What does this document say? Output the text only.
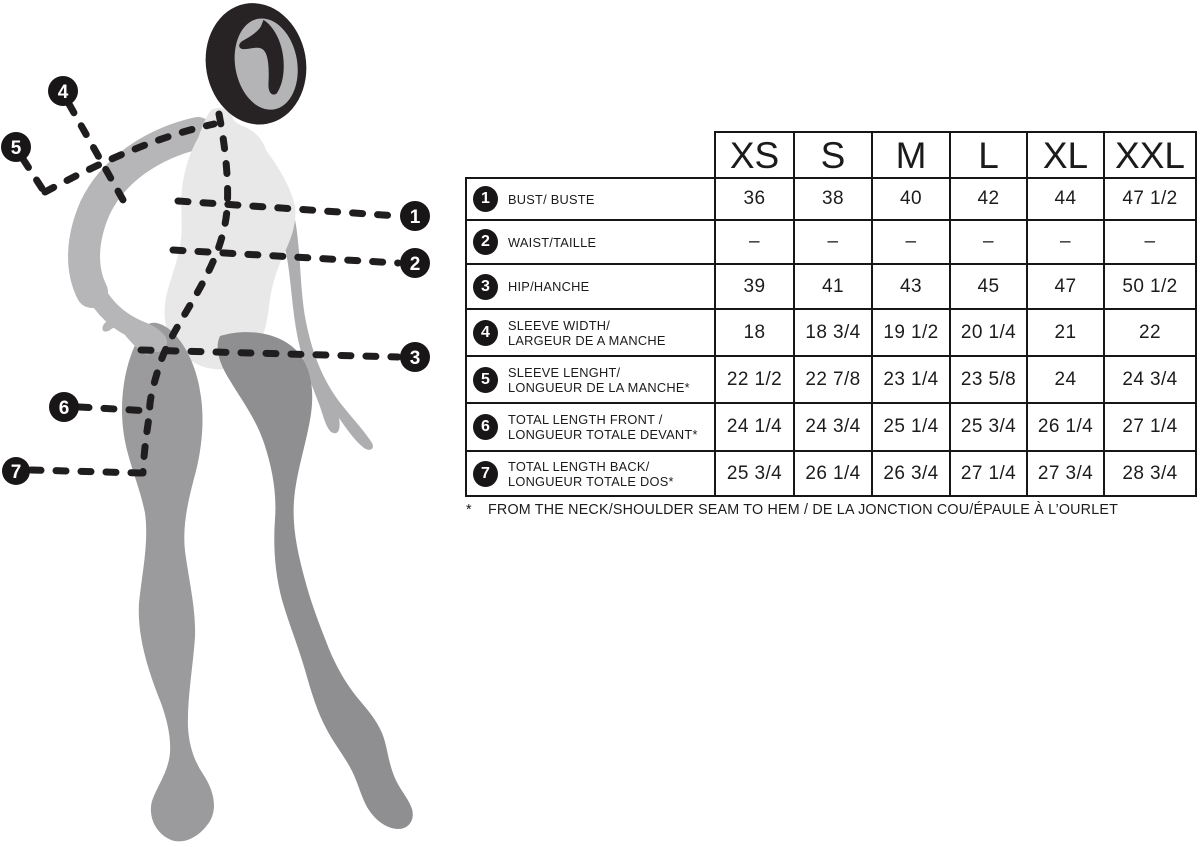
1
2
3
4
5
6
7
	XS	S	M	L	XL	XXL

1 BUST/ BUSTE	36	38	40	42	44	47 1/2

2 WAIST/TAILLE	–	–	–	–	–	–

3 HIP/HANCHE	39	41	43	45	47	50 1/2

4 SLEEVE WIDTH/
LARGEUR DE A MANCHE	18	18 3/4	19 1/2	20 1/4	21	22

5 SLEEVE LENGHT/
LONGUEUR DE LA MANCHE*	22 1/2	22 7/8	23 1/4	23 5/8	24	24 3/4

6 TOTAL LENGTH FRONT /
LONGUEUR TOTALE DEVANT*	24 1/4	24 3/4	25 1/4	25 3/4	26 1/4	27 1/4

7 TOTAL LENGTH BACK/
LONGUEUR TOTALE DOS*	25 3/4	26 1/4	26 3/4	27 1/4	27 3/4	28 3/4
*	FROM THE NECK/SHOULDER SEAM TO HEM / DE LA JONCTION COU/ÉPAULE À L’OURLET
